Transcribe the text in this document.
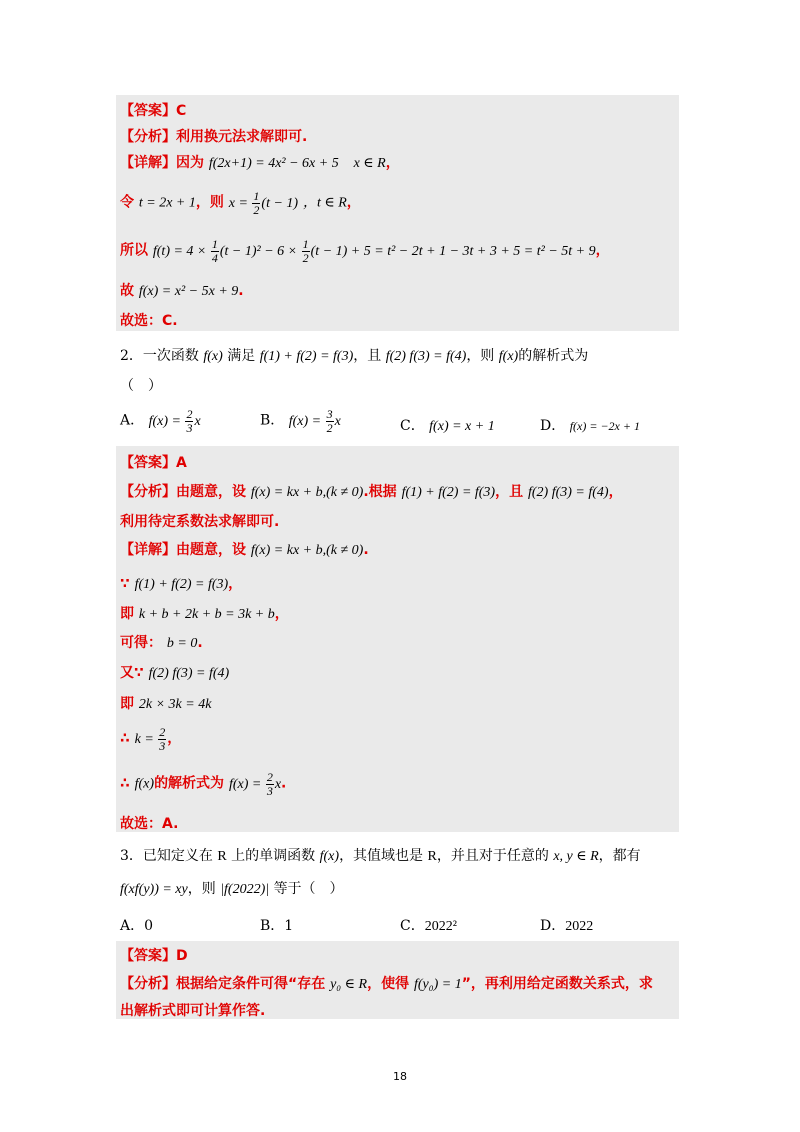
【答案】C
【分析】利用换元法求解即可.
【详解】因为 f(2x+1) = 4x² − 6x + 5 x ∈ R，
令 t = 2x + 1，则 $x = \frac{1}{2} (t - 1)$ ，t ∈ R，
所以 $f(t) = 4 \times \frac{1}{4} (t - 1)^2 - 6 \times \frac{1}{2} (t - 1) + 5 = t^2 - 2t + 1 - 3t + 3 + 5 = t^2 - 5t + 9$，
故 f(x) = x² − 5x + 9.
故选：C.
2．一次函数 f(x) 满足 f(1) + f(2) = f(3)，且 f(2) f(3) = f(4)，则 f(x)的解析式为
（　）
A． $f(x) = \frac{2}{3}$ x	B． $f(x) = \frac{3}{2}$ x	C． f(x) = x + 1	D． f(x) = −2x + 1
【答案】A
【分析】由题意，设 f(x) = kx + b,(k ≠ 0).根据 f(1) + f(2) = f(3)，且 f(2) f(3) = f(4)，
利用待定系数法求解即可.
【详解】由题意，设 f(x) = kx + b,(k ≠ 0).
∵ f(1) + f(2) = f(3)，
即 k + b + 2k + b = 3k + b，
可得： b = 0.
又∵ f(2) f(3) = f(4)
即 2k × 3k = 4k
∴ $k = \frac{2}{3}$ ，
∴ f(x)的解析式为 $f(x) = \frac{2}{3} x$.
故选：A.
3．已知定义在 R 上的单调函数 f(x)，其值域也是 R，并且对于任意的 x, y ∈ R，都有
f(xf(y)) = xy，则 |f(2022)| 等于（　）
A．0	B．1	C．2022²	D．2022
【答案】D
【分析】根据给定条件可得“存在 y₀ ∈ R，使得 f(y₀) = 1”，再利用给定函数关系式，求
出解析式即可计算作答.
18
